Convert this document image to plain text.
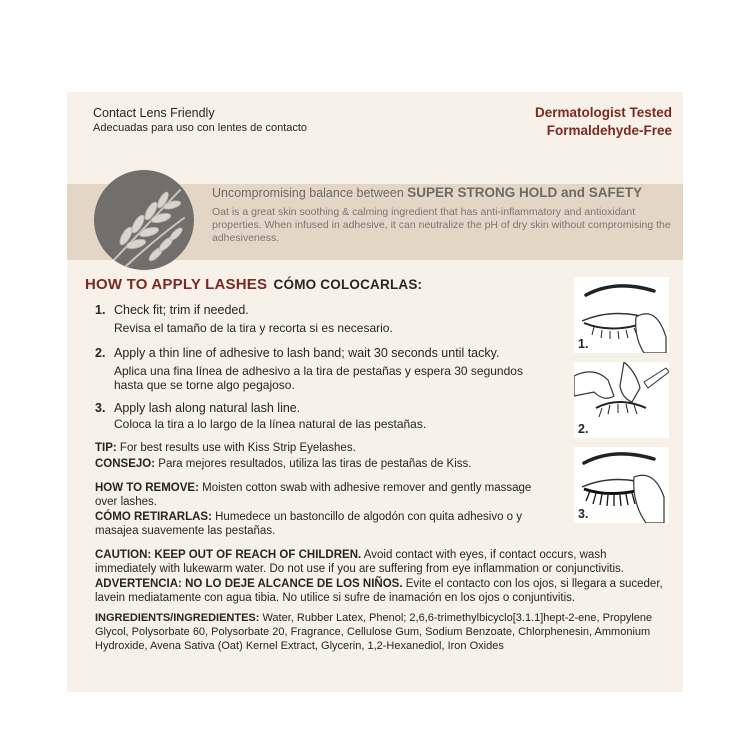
Contact Lens Friendly
Adecuadas para uso con lentes de contacto
Dermatologist Tested
Formaldehyde-Free
Uncompromising balance between SUPER STRONG HOLD and SAFETY
Oat is a great skin soothing & calming ingredient that has anti-inflammatory and antioxidant properties. When infused in adhesive, it can neutralize the pH of dry skin without compromising the adhesiveness.
HOW TO APPLY LASHES CÓMO COLOCARLAS:
1. Check fit; trim if needed.
Revisa el tamaño de la tira y recorta si es necesario.
2. Apply a thin line of adhesive to lash band; wait 30 seconds until tacky.
Aplica una fina línea de adhesivo a la tira de pestañas y espera 30 segundos hasta que se torne algo pegajoso.
3. Apply lash along natural lash line.
Coloca la tira a lo largo de la línea natural de las pestañas.
TIP: For best results use with Kiss Strip Eyelashes.
CONSEJO: Para mejores resultados, utiliza las tiras de pestañas de Kiss.
HOW TO REMOVE: Moisten cotton swab with adhesive remover and gently massage over lashes.
CÓMO RETIRARLAS: Humedece un bastoncillo de algodón con quita adhesivo o y masajea suavemente las pestañas.
CAUTION: KEEP OUT OF REACH OF CHILDREN. Avoid contact with eyes, if contact occurs, wash immediately with lukewarm water. Do not use if you are suffering from eye inflammation or conjunctivitis.
ADVERTENCIA: NO LO DEJE ALCANCE DE LOS NIÑOS. Evite el contacto con los ojos, si llegara a suceder, lavein mediatamente con agua tibia. No utilice si sufre de inamación en los ojos o conjuntivitis.
INGREDIENTS/INGREDIENTES: Water, Rubber Latex, Phenol; 2,6,6-trimethylbicyclo[3.1.1]hept-2-ene, Propylene Glycol, Polysorbate 60, Polysorbate 20, Fragrance, Cellulose Gum, Sodium Benzoate, Chlorphenesin, Ammonium Hydroxide, Avena Sativa (Oat) Kernel Extract, Glycerin, 1,2-Hexanediol, Iron Oxides
1.
2.
3.
